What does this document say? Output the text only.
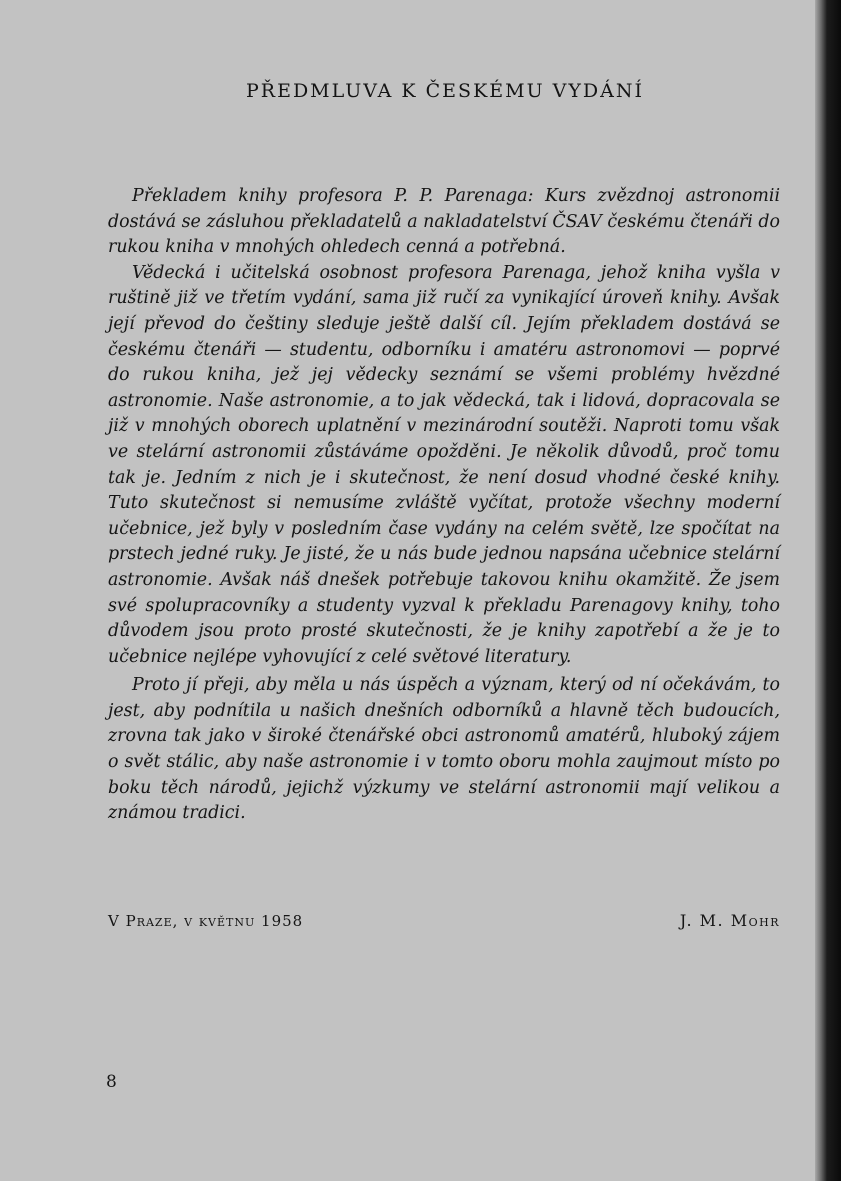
PŘEDMLUVA K ČESKÉMU VYDÁNÍ

Překladem knihy profesora P. P. Parenaga: Kurs zvězdnoj astronomii dostává se zásluhou překladatelů a nakladatelství ČSAV českému čtenáři do rukou kniha v mnohých ohledech cenná a potřebná.

Vědecká i učitelská osobnost profesora Parenaga, jehož kniha vyšla v ruštině již ve třetím vydání, sama již ručí za vynikající úroveň knihy. Avšak její převod do češtiny sleduje ještě další cíl. Jejím překladem dostává se českému čtenáři — studentu, odborníku i amatéru astronomovi — poprvé do rukou kniha, jež jej vědecky seznámí se všemi problémy hvězdné astronomie. Naše astronomie, a to jak vědecká, tak i lidová, dopracovala se již v mnohých oborech uplatnění v mezinárodní soutěži. Naproti tomu však ve stelární astronomii zůstáváme opožděni. Je několik důvodů, proč tomu tak je. Jedním z nich je i skutečnost, že není dosud vhodné české knihy. Tuto skutečnost si nemusíme zvláště vyčítat, protože všechny moderní učebnice, jež byly v posledním čase vydány na celém světě, lze spočítat na prstech jedné ruky. Je jisté, že u nás bude jednou napsána učebnice stelární astronomie. Avšak náš dnešek potřebuje takovou knihu okamžitě. Že jsem své spolupracovníky a studenty vyzval k překladu Parenagovy knihy, toho důvodem jsou proto prosté skutečnosti, že je knihy zapotřebí a že je to učebnice nejlépe vyhovující z celé světové literatury.

Proto jí přeji, aby měla u nás úspěch a význam, který od ní očekávám, to jest, aby podnítila u našich dnešních odborníků a hlavně těch budoucích, zrovna tak jako v široké čtenářské obci astronomů amatérů, hluboký zájem o svět stálic, aby naše astronomie i v tomto oboru mohla zaujmout místo po boku těch národů, jejichž výzkumy ve stelární astronomii mají velikou a známou tradici.

V Praze, v květnu 1958	J. M. Mohr
8
